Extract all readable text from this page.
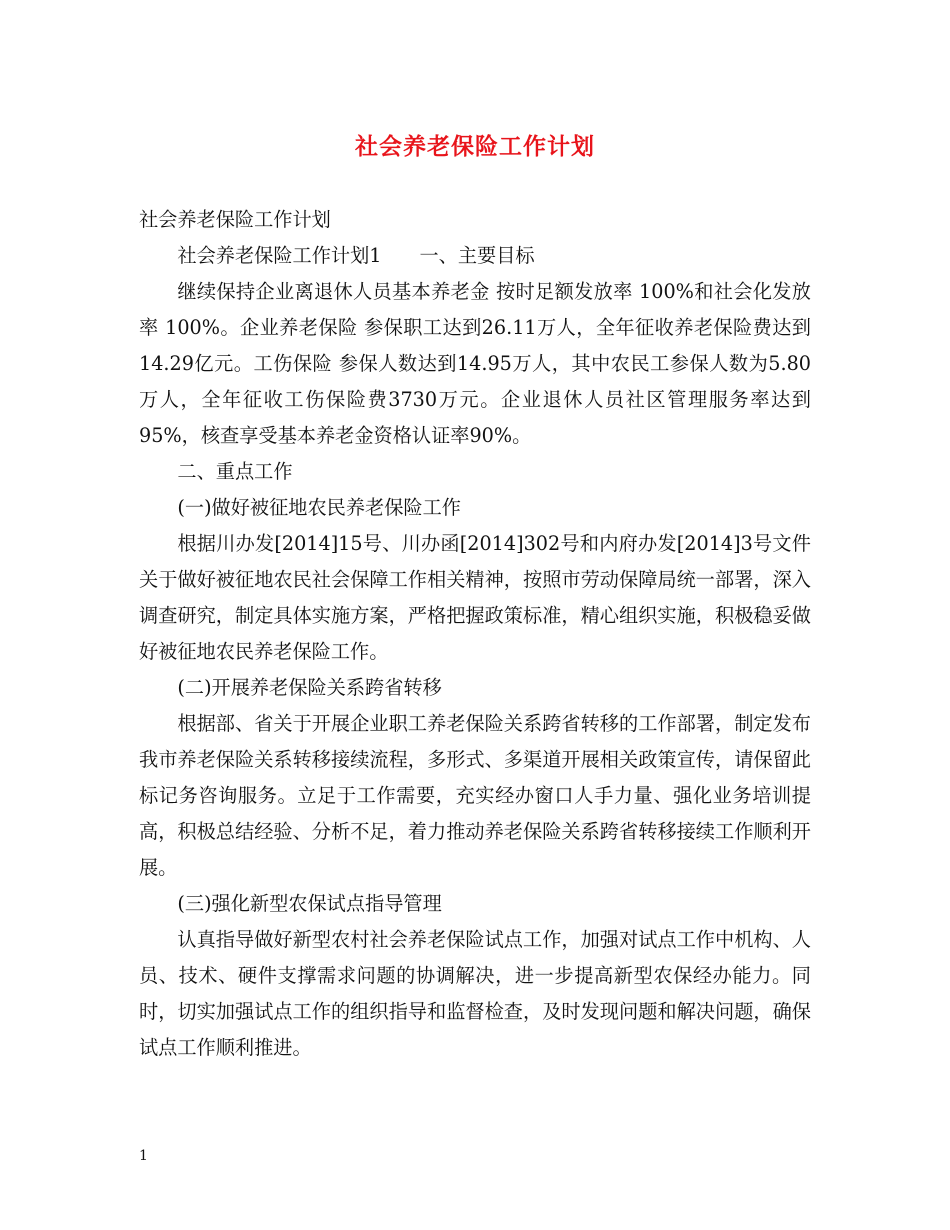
社会养老保险工作计划

社会养老保险工作计划

社会养老保险工作计划1 一、主要目标

继续保持企业离退休人员基本养老金 按时足额发放率 100%和社会化发放率 100%。企业养老保险 参保职工达到26.11万人，全年征收养老保险费达到14.29亿元。工伤保险 参保人数达到14.95万人，其中农民工参保人数为5.80万人，全年征收工伤保险费3730万元。企业退休人员社区管理服务率达到 95%，核查享受基本养老金资格认证率90%。

二、重点工作

(一)做好被征地农民养老保险工作

根据川办发[2014]15号、川办函[2014]302号和内府办发[2014]3号文件关于做好被征地农民社会保障工作相关精神，按照市劳动保障局统一部署，深入调查研究，制定具体实施方案，严格把握政策标准，精心组织实施，积极稳妥做好被征地农民养老保险工作。

(二)开展养老保险关系跨省转移

根据部、省关于开展企业职工养老保险关系跨省转移的工作部署，制定发布我市养老保险关系转移接续流程，多形式、多渠道开展相关政策宣传，请保留此标记务咨询服务。立足于工作需要，充实经办窗口人手力量、强化业务培训提高，积极总结经验、分析不足，着力推动养老保险关系跨省转移接续工作顺利开展。

(三)强化新型农保试点指导管理

认真指导做好新型农村社会养老保险试点工作，加强对试点工作中机构、人员、技术、硬件支撑需求问题的协调解决，进一步提高新型农保经办能力。同时，切实加强试点工作的组织指导和监督检查，及时发现问题和解决问题，确保试点工作顺利推进。

1
